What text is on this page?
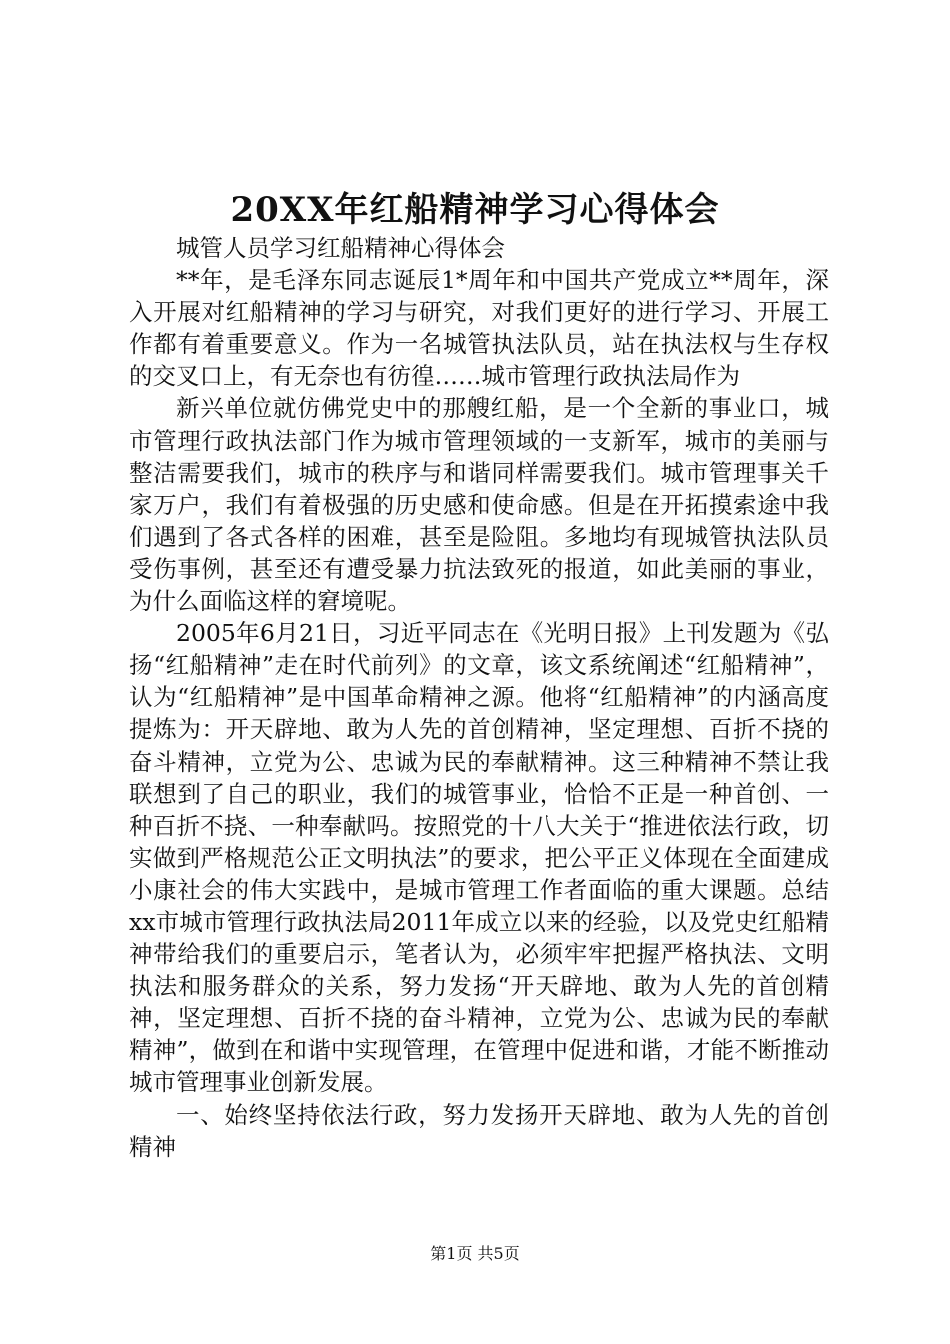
20XX年红船精神学习心得体会

城管人员学习红船精神心得体会

**年，是毛泽东同志诞辰1*周年和中国共产党成立**周年，深入开展对红船精神的学习与研究，对我们更好的进行学习、开展工作都有着重要意义。作为一名城管执法队员，站在执法权与生存权的交叉口上，有无奈也有彷徨……城市管理行政执法局作为

新兴单位就仿佛党史中的那艘红船，是一个全新的事业口，城市管理行政执法部门作为城市管理领域的一支新军，城市的美丽与整洁需要我们，城市的秩序与和谐同样需要我们。城市管理事关千家万户，我们有着极强的历史感和使命感。但是在开拓摸索途中我们遇到了各式各样的困难，甚至是险阻。多地均有现城管执法队员受伤事例，甚至还有遭受暴力抗法致死的报道，如此美丽的事业，为什么面临这样的窘境呢。

2005年6月21日，习近平同志在《光明日报》上刊发题为《弘扬“红船精神”走在时代前列》的文章，该文系统阐述“红船精神”，认为“红船精神”是中国革命精神之源。他将“红船精神”的内涵高度提炼为：开天辟地、敢为人先的首创精神，坚定理想、百折不挠的奋斗精神，立党为公、忠诚为民的奉献精神。这三种精神不禁让我联想到了自己的职业，我们的城管事业，恰恰不正是一种首创、一种百折不挠、一种奉献吗。按照党的十八大关于“推进依法行政，切实做到严格规范公正文明执法”的要求，把公平正义体现在全面建成小康社会的伟大实践中，是城市管理工作者面临的重大课题。总结xx市城市管理行政执法局2011年成立以来的经验，以及党史红船精神带给我们的重要启示，笔者认为，必须牢牢把握严格执法、文明执法和服务群众的关系，努力发扬“开天辟地、敢为人先的首创精神，坚定理想、百折不挠的奋斗精神，立党为公、忠诚为民的奉献精神”，做到在和谐中实现管理，在管理中促进和谐，才能不断推动城市管理事业创新发展。

一、始终坚持依法行政，努力发扬开天辟地、敢为人先的首创精神

第1页 共5页
